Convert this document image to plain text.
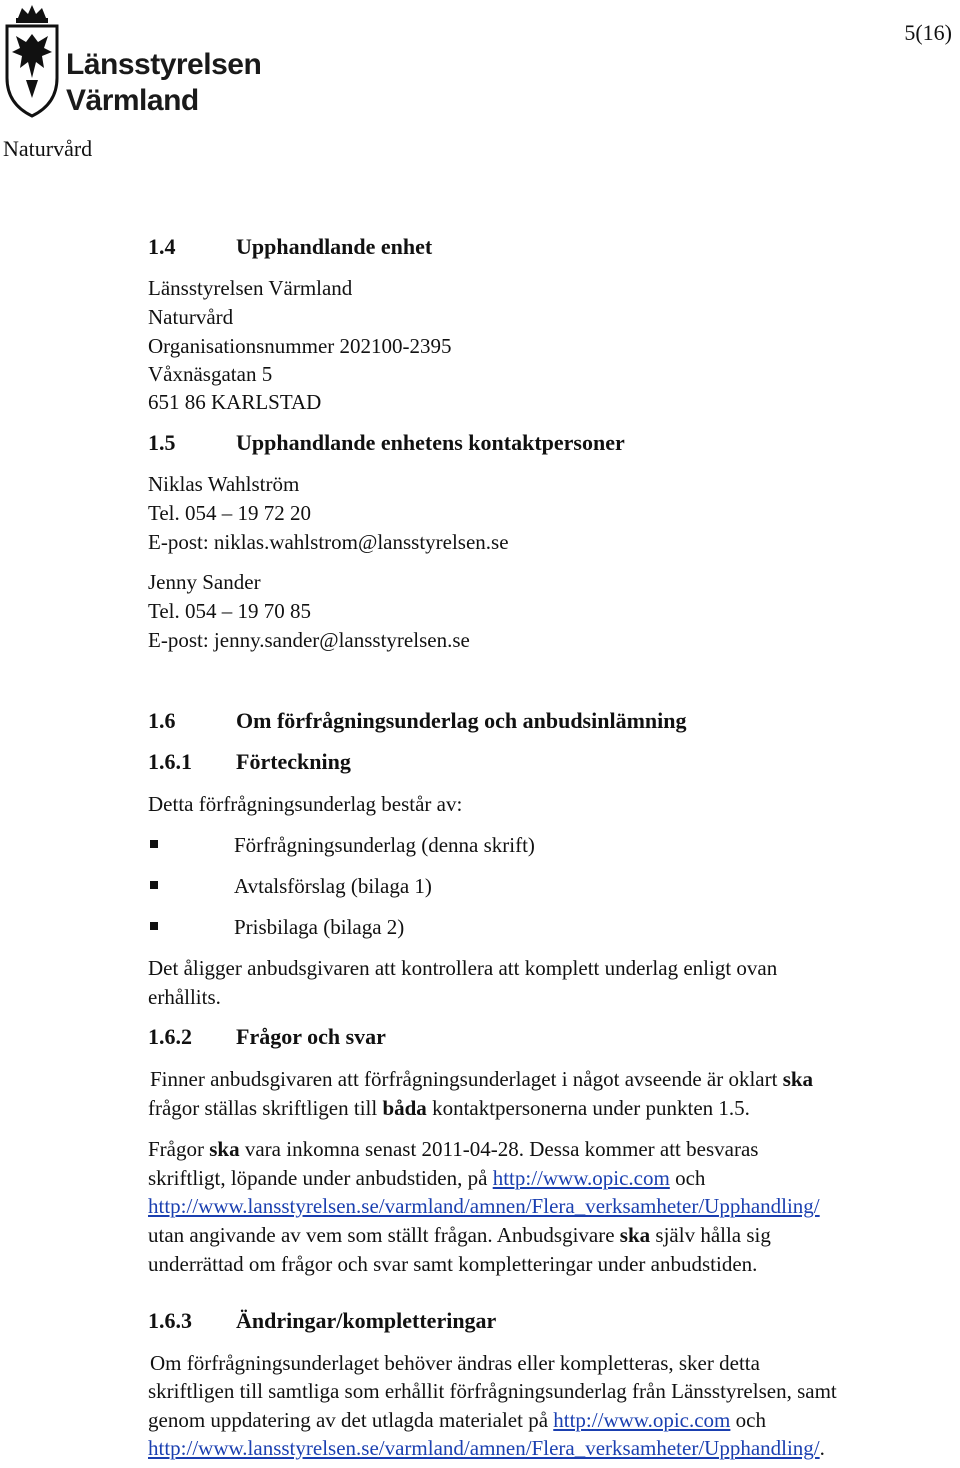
Länsstyrelsen
Värmland
5(16)
Naturvård
1.4	Upphandlande enhet
Länsstyrelsen Värmland
Naturvård
Organisationsnummer 202100-2395
Våxnäsgatan 5
651 86 KARLSTAD
1.5	Upphandlande enhetens kontaktpersoner
Niklas Wahlström
Tel. 054 – 19 72 20
E-post: niklas.wahlstrom@lansstyrelsen.se
Jenny Sander
Tel. 054 – 19 70 85
E-post: jenny.sander@lansstyrelsen.se
1.6	Om förfrågningsunderlag och anbudsinlämning
1.6.1 Förteckning
Detta förfrågningsunderlag består av:
Förfrågningsunderlag (denna skrift)
Avtalsförslag (bilaga 1)
Prisbilaga (bilaga 2)
Det åligger anbudsgivaren att kontrollera att komplett underlag enligt ovan
erhållits.
1.6.2 Frågor och svar
Finner anbudsgivaren att förfrågningsunderlaget i något avseende är oklart ska
frågor ställas skriftligen till båda kontaktpersonerna under punkten 1.5.
Frågor ska vara inkomna senast 2011-04-28. Dessa kommer att besvaras
skriftligt, löpande under anbudstiden, på http://www.opic.com och
http://www.lansstyrelsen.se/varmland/amnen/Flera_verksamheter/Upphandling/
utan angivande av vem som ställt frågan. Anbudsgivare ska själv hålla sig
underrättad om frågor och svar samt kompletteringar under anbudstiden.
1.6.3 Ändringar/kompletteringar
Om förfrågningsunderlaget behöver ändras eller kompletteras, sker detta
skriftligen till samtliga som erhållit förfrågningsunderlag från Länsstyrelsen, samt
genom uppdatering av det utlagda materialet på http://www.opic.com och
http://www.lansstyrelsen.se/varmland/amnen/Flera_verksamheter/Upphandling/.
